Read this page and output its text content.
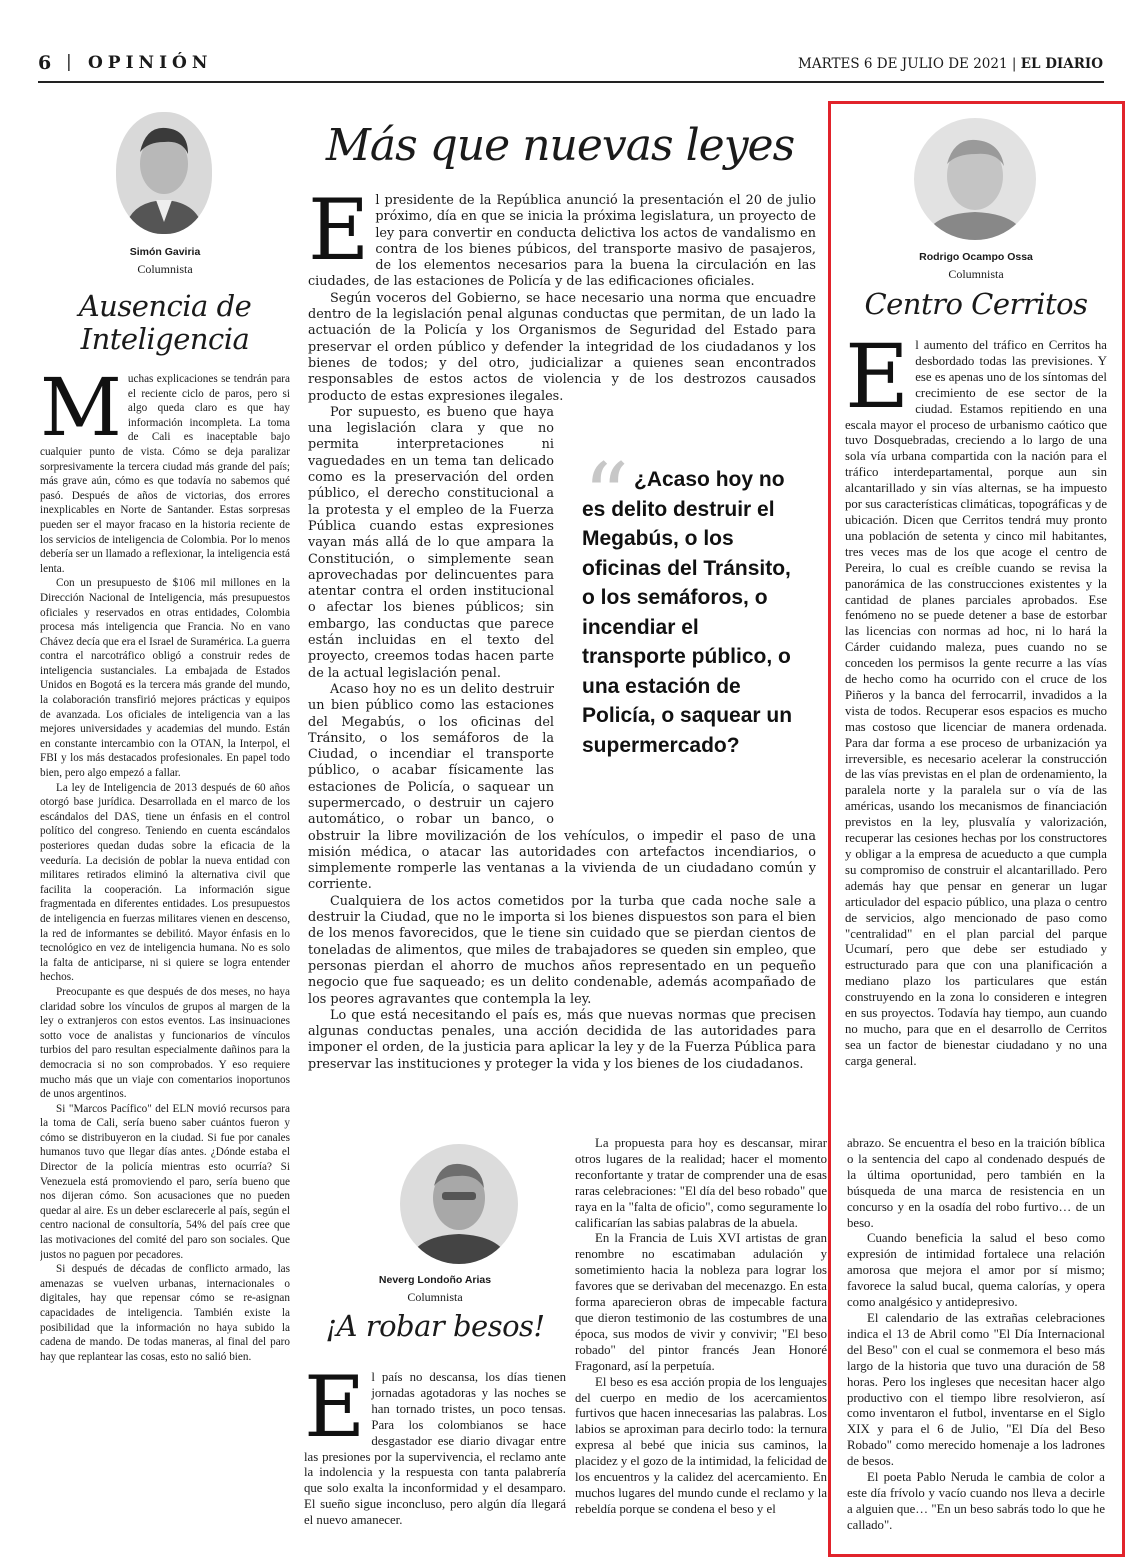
6 | OPINIÓN	MARTES 6 DE JULIO DE 2021 | EL DIARIO
Simón Gaviria
Columnista
Ausencia de
Inteligencia

Muchas explicaciones se tendrán para el reciente ciclo de paros, pero si algo queda claro es que hay información incompleta. La toma de Cali es inaceptable bajo cualquier punto de vista. Cómo se deja paralizar sorpresivamente la tercera ciudad más grande del país; más grave aún, cómo es que todavía no sabemos qué pasó. Después de años de victorias, dos errores inexplicables en Norte de Santander. Estas sorpresas pueden ser el mayor fracaso en la historia reciente de los servicios de inteligencia de Colombia. Por lo menos debería ser un llamado a reflexionar, la inteligencia está lenta.

Con un presupuesto de $106 mil millones en la Dirección Nacional de Inteligencia, más presupuestos oficiales y reservados en otras entidades, Colombia procesa más inteligencia que Francia. No en vano Chávez decía que era el Israel de Suramérica. La guerra contra el narcotráfico obligó a construir redes de inteligencia sustanciales. La embajada de Estados Unidos en Bogotá es la tercera más grande del mundo, la colaboración transfirió mejores prácticas y equipos de avanzada. Los oficiales de inteligencia van a las mejores universidades y academias del mundo. Están en constante intercambio con la OTAN, la Interpol, el FBI y los más destacados profesionales. En papel todo bien, pero algo empezó a fallar.

La ley de Inteligencia de 2013 después de 60 años otorgó base jurídica. Desarrollada en el marco de los escándalos del DAS, tiene un énfasis en el control político del congreso. Teniendo en cuenta escándalos posteriores quedan dudas sobre la eficacia de la veeduría. La decisión de poblar la nueva entidad con militares retirados eliminó la alternativa civil que facilita la cooperación. La información sigue fragmentada en diferentes entidades. Los presupuestos de inteligencia en fuerzas militares vienen en descenso, la red de informantes se debilitó. Mayor énfasis en lo tecnológico en vez de inteligencia humana. No es solo la falta de anticiparse, ni si quiere se logra entender hechos.

Preocupante es que después de dos meses, no haya claridad sobre los vínculos de grupos al margen de la ley o extranjeros con estos eventos. Las insinuaciones sotto voce de analistas y funcionarios de vínculos turbios del paro resultan especialmente dañinos para la democracia si no son comprobados. Y eso requiere mucho más que un viaje con comentarios inoportunos de unos argentinos.

Si "Marcos Pacífico" del ELN movió recursos para la toma de Cali, sería bueno saber cuántos fueron y cómo se distribuyeron en la ciudad. Si fue por canales humanos tuvo que llegar días antes. ¿Dónde estaba el Director de la policía mientras esto ocurría? Si Venezuela está promoviendo el paro, sería bueno que nos dijeran cómo. Son acusaciones que no pueden quedar al aire. Es un deber esclarecerle al país, según el centro nacional de consultoría, 54% del país cree que las motivaciones del comité del paro son sociales. Que justos no paguen por pecadores.

Si después de décadas de conflicto armado, las amenazas se vuelven urbanas, internacionales o digitales, hay que repensar cómo se re-asignan capacidades de inteligencia. También existe la posibilidad que la información no haya subido la cadena de mando. De todas maneras, al final del paro hay que replantear las cosas, esto no salió bien.

Más que nuevas leyes

El presidente de la República anunció la presentación el 20 de julio próximo, día en que se inicia la próxima legislatura, un proyecto de ley para convertir en conducta delictiva los actos de vandalismo en contra de los bienes púbicos, del transporte masivo de pasajeros, de los elementos necesarios para la buena la circulación en las ciudades, de las estaciones de Policía y de las edificaciones oficiales.

Según voceros del Gobierno, se hace necesario una norma que encuadre dentro de la legislación penal algunas conductas que permitan, de un lado la actuación de la Policía y los Organismos de Seguridad del Estado para preservar el orden público y defender la integridad de los ciudadanos y los bienes de todos; y del otro, judicializar a quienes sean encontrados responsables de estos actos de violencia y de los destrozos causados producto de estas expresiones ilegales.

Por supuesto, es bueno que haya una legislación clara y que no permita interpretaciones ni vaguedades en un tema tan delicado como es la preservación del orden público, el derecho constitucional a la protesta y el empleo de la Fuerza Pública cuando estas expresiones vayan más allá de lo que ampara la Constitución, o simplemente sean aprovechadas por delincuentes para atentar contra el orden institucional o afectar los bienes públicos; sin embargo, las conductas que parece están incluidas en el texto del proyecto, creemos todas hacen parte de la actual legislación penal.

Acaso hoy no es un delito destruir un bien público como las estaciones del Megabús, o los oficinas del Tránsito, o los semáforos de la Ciudad, o incendiar el transporte público, o acabar físicamente las estaciones de Policía, o saquear un supermercado, o destruir un cajero automático, o robar un banco, o obstruir la libre movilización de los vehículos, o impedir el paso de una misión médica, o atacar las autoridades con artefactos incendiarios, o simplemente romperle las ventanas a la vivienda de un ciudadano común y corriente.

Cualquiera de los actos cometidos por la turba que cada noche sale a destruir la Ciudad, que no le importa si los bienes dispuestos son para el bien de los menos favorecidos, que le tiene sin cuidado que se pierdan cientos de toneladas de alimentos, que miles de trabajadores se queden sin empleo, que personas pierdan el ahorro de muchos años representado en un pequeño negocio que fue saqueado; es un delito condenable, además acompañado de los peores agravantes que contempla la ley.

Lo que está necesitando el país es, más que nuevas normas que precisen algunas conductas penales, una acción decidida de las autoridades para imponer el orden, de la justicia para aplicar la ley y de la Fuerza Pública para preservar las instituciones y proteger la vida y los bienes de los ciudadanos.

“ ¿Acaso hoy no es delito destruir el Megabús, o los oficinas del Tránsito, o los semáforos, o incendiar el transporte público, o una estación de Policía, o saquear un supermercado?
Rodrigo Ocampo Ossa
Columnista
Centro Cerritos

El aumento del tráfico en Cerritos ha desbordado todas las previsiones. Y ese es apenas uno de los síntomas del crecimiento de ese sector de la ciudad. Estamos repitiendo en una escala mayor el proceso de urbanismo caótico que tuvo Dosquebradas, creciendo a lo largo de una sola vía urbana compartida con la nación para el tráfico interdepartamental, porque aun sin alcantarillado y sin vías alternas, se ha impuesto por sus características climáticas, topográficas y de ubicación. Dicen que Cerritos tendrá muy pronto una población de setenta y cinco mil habitantes, tres veces mas de los que acoge el centro de Pereira, lo cual es creíble cuando se revisa la panorámica de las construcciones existentes y la cantidad de planes parciales aprobados. Ese fenómeno no se puede detener a base de estorbar las licencias con normas ad hoc, ni lo hará la Cárder cuidando maleza, pues cuando no se conceden los permisos la gente recurre a las vías de hecho como ha ocurrido con el cruce de los Piñeros y la banca del ferrocarril, invadidos a la vista de todos. Recuperar esos espacios es mucho mas costoso que licenciar de manera ordenada. Para dar forma a ese proceso de urbanización ya irreversible, es necesario acelerar la construcción de las vías previstas en el plan de ordenamiento, la paralela norte y la paralela sur o vía de las américas, usando los mecanismos de financiación previstos en la ley, plusvalía y valorización, recuperar las cesiones hechas por los constructores y obligar a la empresa de acueducto a que cumpla su compromiso de construir el alcantarillado. Pero además hay que pensar en generar un lugar articulador del espacio público, una plaza o centro de servicios, algo mencionado de paso como "centralidad" en el plan parcial del parque Ucumarí, pero que debe ser estudiado y estructurado para que con una planificación a mediano plazo los particulares que están construyendo en la zona lo consideren e integren en sus proyectos. Todavía hay tiempo, aun cuando no mucho, para que en el desarrollo de Cerritos sea un factor de bienestar ciudadano y no una carga general.

Neverg Londoño Arias
Columnista
¡A robar besos!

El país no descansa, los días tienen jornadas agotadoras y las noches se han tornado tristes, un poco tensas. Para los colombianos se hace desgastador ese diario divagar entre las presiones por la supervivencia, el reclamo ante la indolencia y la respuesta con tanta palabrería que solo exalta la inconformidad y el desamparo. El sueño sigue inconcluso, pero algún día llegará el nuevo amanecer.

La propuesta para hoy es descansar, mirar otros lugares de la realidad; hacer el momento reconfortante y tratar de comprender una de esas raras celebraciones: "El día del beso robado" que raya en la "falta de oficio", como seguramente lo calificarían las sabias palabras de la abuela.

En la Francia de Luis XVI artistas de gran renombre no escatimaban adulación y sometimiento hacia la nobleza para lograr los favores que se derivaban del mecenazgo. En esta forma aparecieron obras de impecable factura que dieron testimonio de las costumbres de una época, sus modos de vivir y convivir; "El beso robado" del pintor francés Jean Honoré Fragonard, así la perpetuía.

El beso es esa acción propia de los lenguajes del cuerpo en medio de los acercamientos furtivos que hacen innecesarias las palabras. Los labios se aproximan para decirlo todo: la ternura expresa al bebé que inicia sus caminos, la placidez y el gozo de la intimidad, la felicidad de los encuentros y la calidez del acercamiento. En muchos lugares del mundo cunde el reclamo y la rebeldía porque se condena el beso y el

abrazo. Se encuentra el beso en la traición bíblica o la sentencia del capo al condenado después de la última oportunidad, pero también en la búsqueda de una marca de resistencia en un concurso y en la osadía del robo furtivo… de un beso.

Cuando beneficia la salud el beso como expresión de intimidad fortalece una relación amorosa que mejora el amor por sí mismo; favorece la salud bucal, quema calorías, y opera como analgésico y antidepresivo.

El calendario de las extrañas celebraciones indica el 13 de Abril como "El Día Internacional del Beso" con el cual se conmemora el beso más largo de la historia que tuvo una duración de 58 horas. Pero los ingleses que necesitan hacer algo productivo con el tiempo libre resolvieron, así como inventaron el futbol, inventarse en el Siglo XIX y para el 6 de Julio, "El Día del Beso Robado" como merecido homenaje a los ladrones de besos.

El poeta Pablo Neruda le cambia de color a este día frívolo y vacío cuando nos lleva a decirle a alguien que… "En un beso sabrás todo lo que he callado".
